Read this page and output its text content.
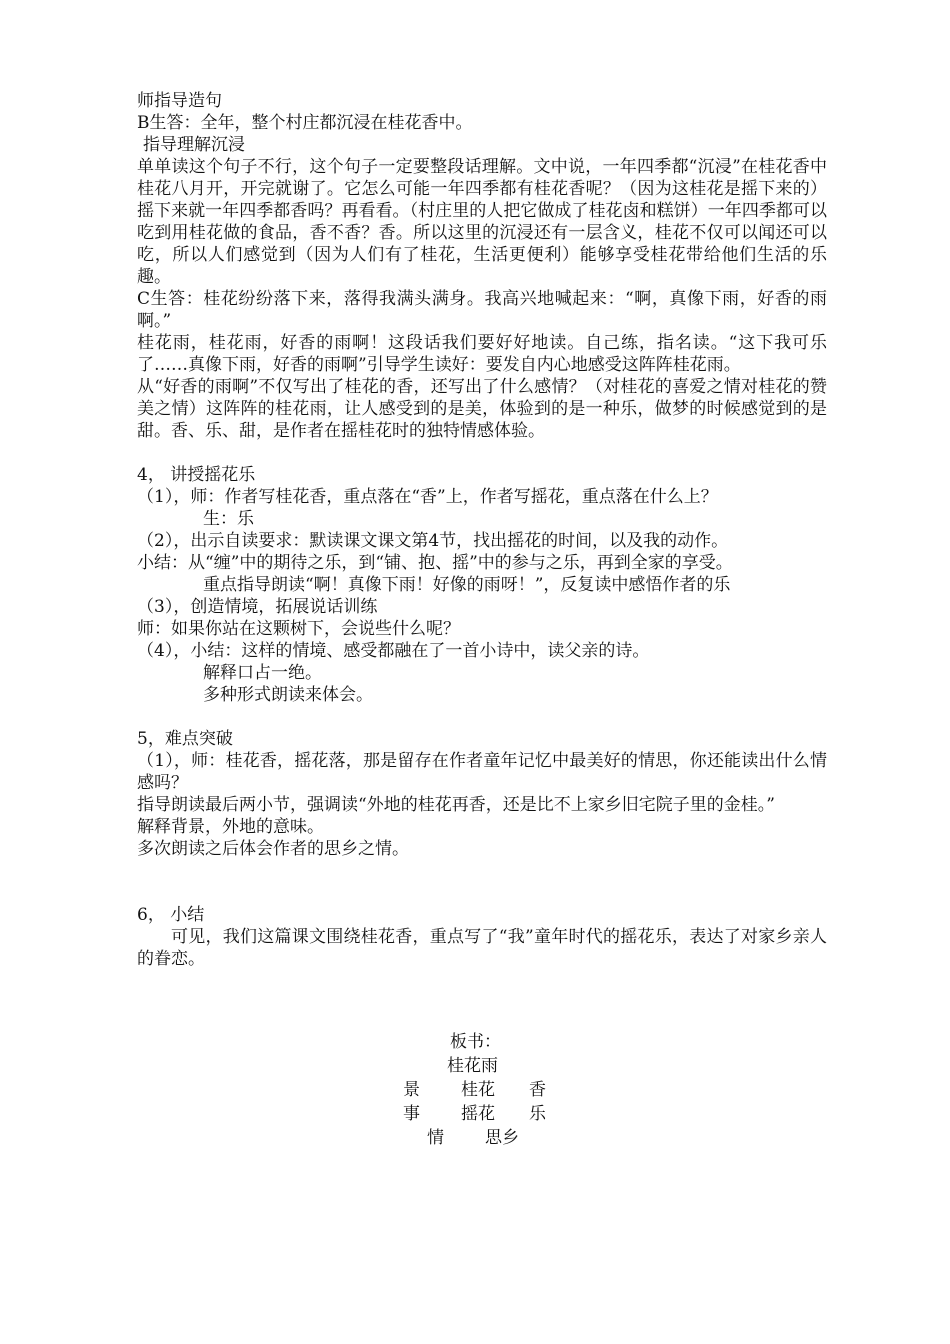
师指导造句
B生答：全年，整个村庄都沉浸在桂花香中。
指导理解沉浸

单单读这个句子不行，这个句子一定要整段话理解。文中说，一年四季都“沉浸”在桂花香中桂花八月开，开完就谢了。它怎么可能一年四季都有桂花香呢？（因为这桂花是摇下来的）摇下来就一年四季都香吗？再看看。（村庄里的人把它做成了桂花卤和糕饼）一年四季都可以吃到用桂花做的食品，香不香？香。所以这里的沉浸还有一层含义，桂花不仅可以闻还可以吃，所以人们感觉到（因为人们有了桂花，生活更便利）能够享受桂花带给他们生活的乐趣。

C生答：桂花纷纷落下来，落得我满头满身。我高兴地喊起来：“啊，真像下雨，好香的雨啊。”

桂花雨，桂花雨，好香的雨啊！这段话我们要好好地读。自己练，指名读。“这下我可乐了……真像下雨，好香的雨啊”引导学生读好：要发自内心地感受这阵阵桂花雨。

从“好香的雨啊”不仅写出了桂花的香，还写出了什么感情？（对桂花的喜爱之情对桂花的赞美之情）这阵阵的桂花雨，让人感受到的是美，体验到的是一种乐，做梦的时候感觉到的是甜。香、乐、甜，是作者在摇桂花时的独特情感体验。

4， 讲授摇花乐
（1），师：作者写桂花香，重点落在“香”上，作者写摇花，重点落在什么上？
生：乐
（2），出示自读要求：默读课文课文第4节，找出摇花的时间，以及我的动作。
小结：从“缠”中的期待之乐，到“铺、抱、摇”中的参与之乐，再到全家的享受。
重点指导朗读“啊！真像下雨！好像的雨呀！”，反复读中感悟作者的乐
（3），创造情境，拓展说话训练
师：如果你站在这颗树下，会说些什么呢？
（4），小结：这样的情境、感受都融在了一首小诗中，读父亲的诗。
解释口占一绝。
多种形式朗读来体会。
5，难点突破

（1），师：桂花香，摇花落，那是留存在作者童年记忆中最美好的情思，你还能读出什么情感吗？

指导朗读最后两小节，强调读“外地的桂花再香，还是比不上家乡旧宅院子里的金桂。”

解释背景，外地的意味。
多次朗读之后体会作者的思乡之情。
6， 小结

可见，我们这篇课文围绕桂花香，重点写了“我”童年时代的摇花乐，表达了对家乡亲人的眷恋。

板书：
桂花雨
景 桂花 香
事 摇花 乐
情 思乡
